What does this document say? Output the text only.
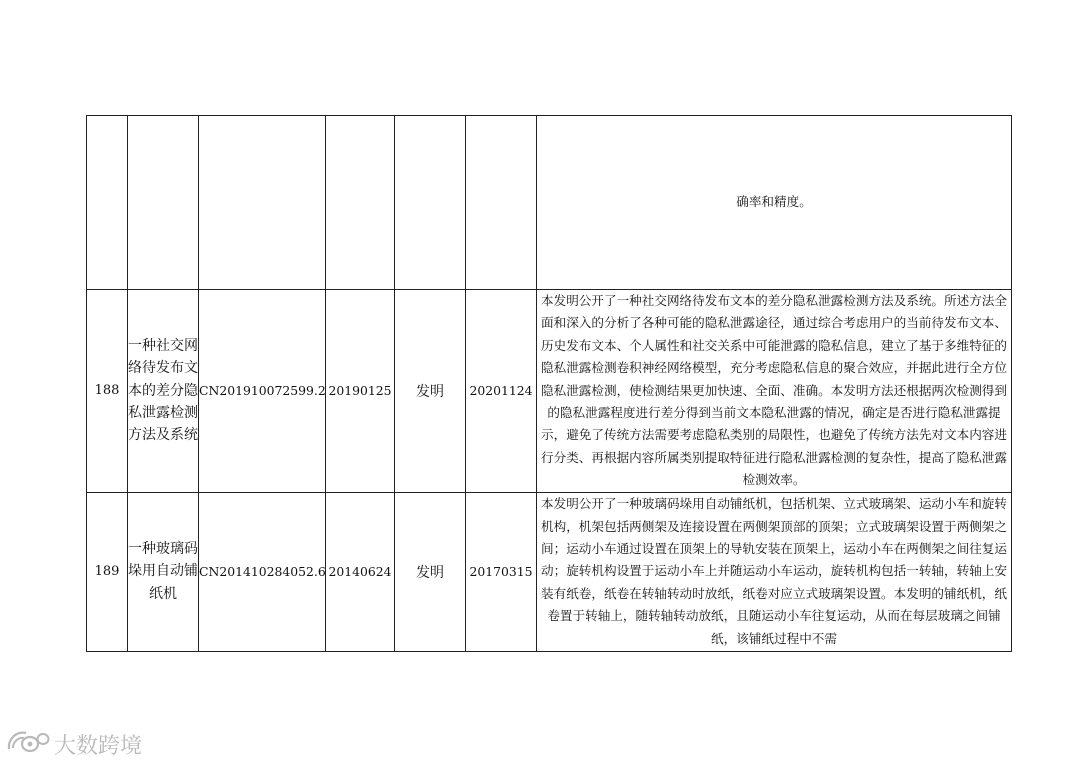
						确率和精度。
188	一种社交网络待发布文本的差分隐私泄露检测方法及系统	CN201910072599.2	20190125	发明	20201124	本发明公开了一种社交网络待发布文本的差分隐私泄露检测方法及系统。所述方法全面和深入的分析了各种可能的隐私泄露途径，通过综合考虑用户的当前待发布文本、历史发布文本、个人属性和社交关系中可能泄露的隐私信息，建立了基于多维特征的隐私泄露检测卷积神经网络模型，充分考虑隐私信息的聚合效应，并据此进行全方位隐私泄露检测，使检测结果更加快速、全面、准确。本发明方法还根据两次检测得到的隐私泄露程度进行差分得到当前文本隐私泄露的情况，确定是否进行隐私泄露提示，避免了传统方法需要考虑隐私类别的局限性，也避免了传统方法先对文本内容进行分类、再根据内容所属类别提取特征进行隐私泄露检测的复杂性，提高了隐私泄露检测效率。
189	一种玻璃码垛用自动铺纸机	CN201410284052.6	20140624	发明	20170315	本发明公开了一种玻璃码垛用自动铺纸机，包括机架、立式玻璃架、运动小车和旋转机构，机架包括两侧架及连接设置在两侧架顶部的顶架；立式玻璃架设置于两侧架之间；运动小车通过设置在顶架上的导轨安装在顶架上，运动小车在两侧架之间往复运动；旋转机构设置于运动小车上并随运动小车运动，旋转机构包括一转轴，转轴上安装有纸卷，纸卷在转轴转动时放纸，纸卷对应立式玻璃架设置。本发明的铺纸机，纸卷置于转轴上，随转轴转动放纸，且随运动小车往复运动，从而在每层玻璃之间铺纸，该铺纸过程中不需
大数跨境
